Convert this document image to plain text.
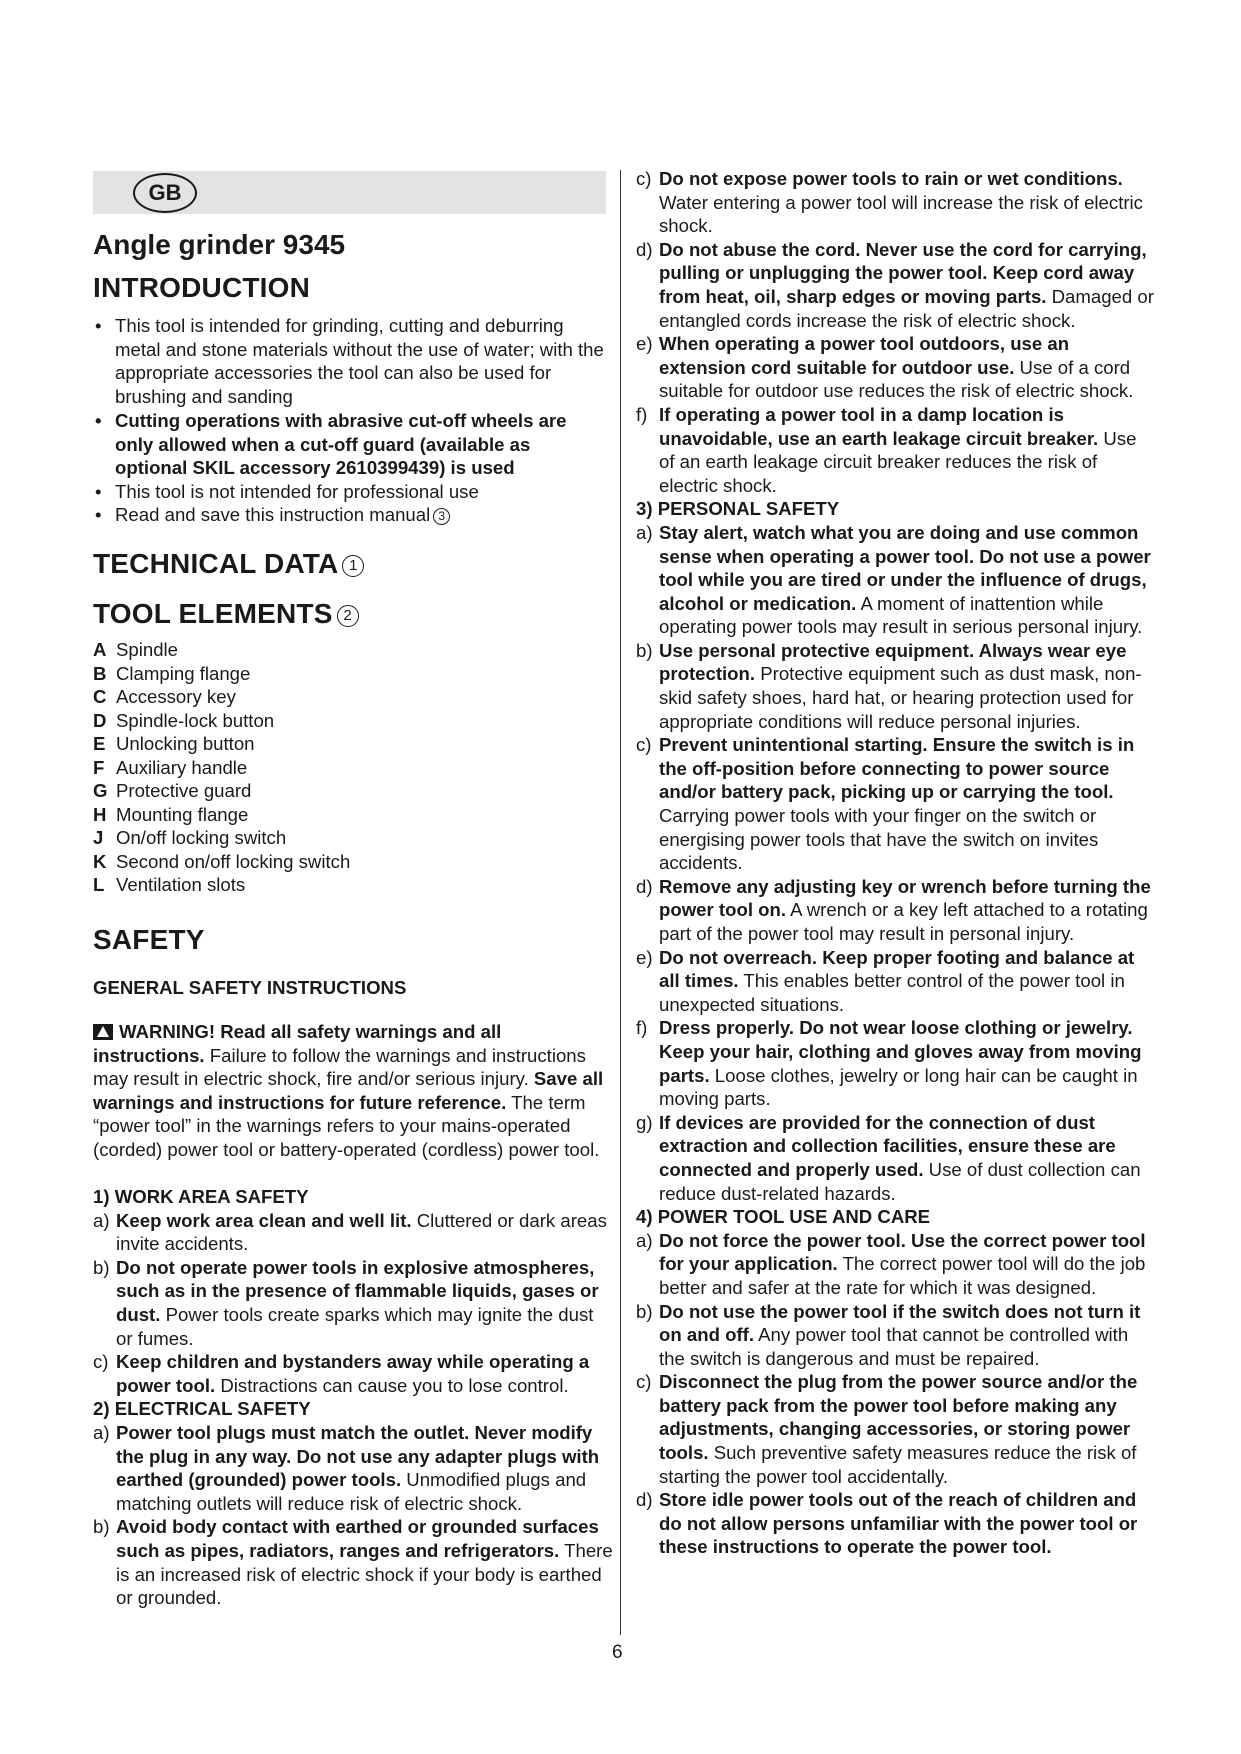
GB
Angle grinder 9345
INTRODUCTION
• This tool is intended for grinding, cutting and deburring metal and stone materials without the use of water; with the appropriate accessories the tool can also be used for brushing and sanding
• Cutting operations with abrasive cut-off wheels are only allowed when a cut-off guard (available as optional SKIL accessory 2610399439) is used
• This tool is not intended for professional use
• Read and save this instruction manual 3
TECHNICAL DATA 1
TOOL ELEMENTS 2
A Spindle
B Clamping flange
C Accessory key
D Spindle-lock button
E Unlocking button
F Auxiliary handle
G Protective guard
H Mounting flange
J On/off locking switch
K Second on/off locking switch
L Ventilation slots
SAFETY
GENERAL SAFETY INSTRUCTIONS
WARNING! Read all safety warnings and all instructions. Failure to follow the warnings and instructions may result in electric shock, fire and/or serious injury. Save all warnings and instructions for future reference. The term “power tool” in the warnings refers to your mains-operated (corded) power tool or battery-operated (cordless) power tool.
1) WORK AREA SAFETY
a) Keep work area clean and well lit. Cluttered or dark areas invite accidents.
b) Do not operate power tools in explosive atmospheres, such as in the presence of flammable liquids, gases or dust. Power tools create sparks which may ignite the dust or fumes.
c) Keep children and bystanders away while operating a power tool. Distractions can cause you to lose control.
2) ELECTRICAL SAFETY
a) Power tool plugs must match the outlet. Never modify the plug in any way. Do not use any adapter plugs with earthed (grounded) power tools. Unmodified plugs and matching outlets will reduce risk of electric shock.
b) Avoid body contact with earthed or grounded surfaces such as pipes, radiators, ranges and refrigerators. There is an increased risk of electric shock if your body is earthed or grounded.
c) Do not expose power tools to rain or wet conditions. Water entering a power tool will increase the risk of electric shock.
d) Do not abuse the cord. Never use the cord for carrying, pulling or unplugging the power tool. Keep cord away from heat, oil, sharp edges or moving parts. Damaged or entangled cords increase the risk of electric shock.
e) When operating a power tool outdoors, use an extension cord suitable for outdoor use. Use of a cord suitable for outdoor use reduces the risk of electric shock.
f) If operating a power tool in a damp location is unavoidable, use an earth leakage circuit breaker. Use of an earth leakage circuit breaker reduces the risk of electric shock.
3) PERSONAL SAFETY
a) Stay alert, watch what you are doing and use common sense when operating a power tool. Do not use a power tool while you are tired or under the influence of drugs, alcohol or medication. A moment of inattention while operating power tools may result in serious personal injury.
b) Use personal protective equipment. Always wear eye protection. Protective equipment such as dust mask, non-skid safety shoes, hard hat, or hearing protection used for appropriate conditions will reduce personal injuries.
c) Prevent unintentional starting. Ensure the switch is in the off-position before connecting to power source and/or battery pack, picking up or carrying the tool. Carrying power tools with your finger on the switch or energising power tools that have the switch on invites accidents.
d) Remove any adjusting key or wrench before turning the power tool on. A wrench or a key left attached to a rotating part of the power tool may result in personal injury.
e) Do not overreach. Keep proper footing and balance at all times. This enables better control of the power tool in unexpected situations.
f) Dress properly. Do not wear loose clothing or jewelry. Keep your hair, clothing and gloves away from moving parts. Loose clothes, jewelry or long hair can be caught in moving parts.
g) If devices are provided for the connection of dust extraction and collection facilities, ensure these are connected and properly used. Use of dust collection can reduce dust-related hazards.
4) POWER TOOL USE AND CARE
a) Do not force the power tool. Use the correct power tool for your application. The correct power tool will do the job better and safer at the rate for which it was designed.
b) Do not use the power tool if the switch does not turn it on and off. Any power tool that cannot be controlled with the switch is dangerous and must be repaired.
c) Disconnect the plug from the power source and/or the battery pack from the power tool before making any adjustments, changing accessories, or storing power tools. Such preventive safety measures reduce the risk of starting the power tool accidentally.
d) Store idle power tools out of the reach of children and do not allow persons unfamiliar with the power tool or these instructions to operate the power tool.
6
